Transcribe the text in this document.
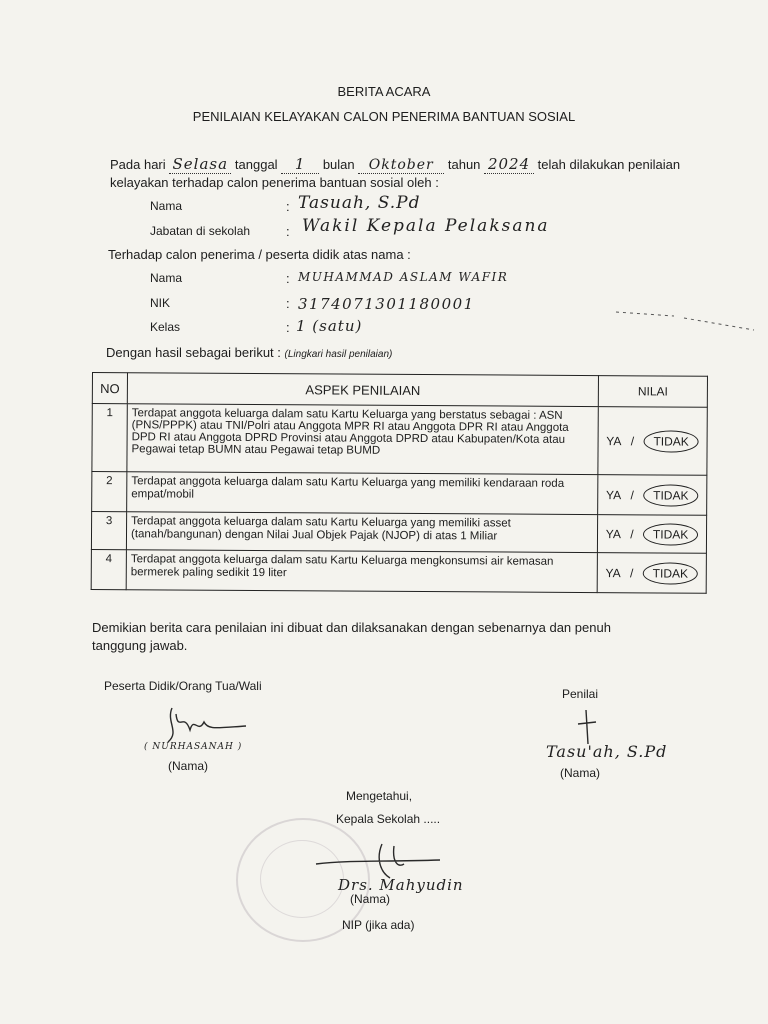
BERITA ACARA
PENILAIAN KELAYAKAN CALON PENERIMA BANTUAN SOSIAL
Pada hari Selasa tanggal 1 bulan Oktober tahun 2024 telah dilakukan penilaian
kelayakan terhadap calon penerima bantuan sosial oleh :
Nama	: Tasuah, S.Pd
Jabatan di sekolah	: Wakil Kepala Pelaksana
Terhadap calon penerima / peserta didik atas nama :
Nama	: MUHAMMAD ASLAM WAFIR
NIK	: 3174071301180001
Kelas	: 1 (satu)
Dengan hasil sebagai berikut : (Lingkari hasil penilaian)
NO	ASPEK PENILAIAN	NILAI
1	Terdapat anggota keluarga dalam satu Kartu Keluarga yang berstatus sebagai : ASN (PNS/PPPK) atau TNI/Polri atau Anggota MPR RI atau Anggota DPR RI atau Anggota DPD RI atau Anggota DPRD Provinsi atau Anggota DPRD atau Kabupaten/Kota atau Pegawai tetap BUMN atau Pegawai tetap BUMD	YA / TIDAK
2	Terdapat anggota keluarga dalam satu Kartu Keluarga yang memiliki kendaraan roda empat/mobil	YA / TIDAK
3	Terdapat anggota keluarga dalam satu Kartu Keluarga yang memiliki asset (tanah/bangunan) dengan Nilai Jual Objek Pajak (NJOP) di atas 1 Miliar	YA / TIDAK
4	Terdapat anggota keluarga dalam satu Kartu Keluarga mengkonsumsi air kemasan bermerek paling sedikit 19 liter	YA / TIDAK
Demikian berita cara penilaian ini dibuat dan dilaksanakan dengan sebenarnya dan penuh
tanggung jawab.
Peserta Didik/Orang Tua/Wali
( NURHASANAH )
(Nama)
Penilai
Tasu'ah, S.Pd
(Nama)
Mengetahui,
Kepala Sekolah .....
Drs. Mahyudin
(Nama)
NIP (jika ada)
